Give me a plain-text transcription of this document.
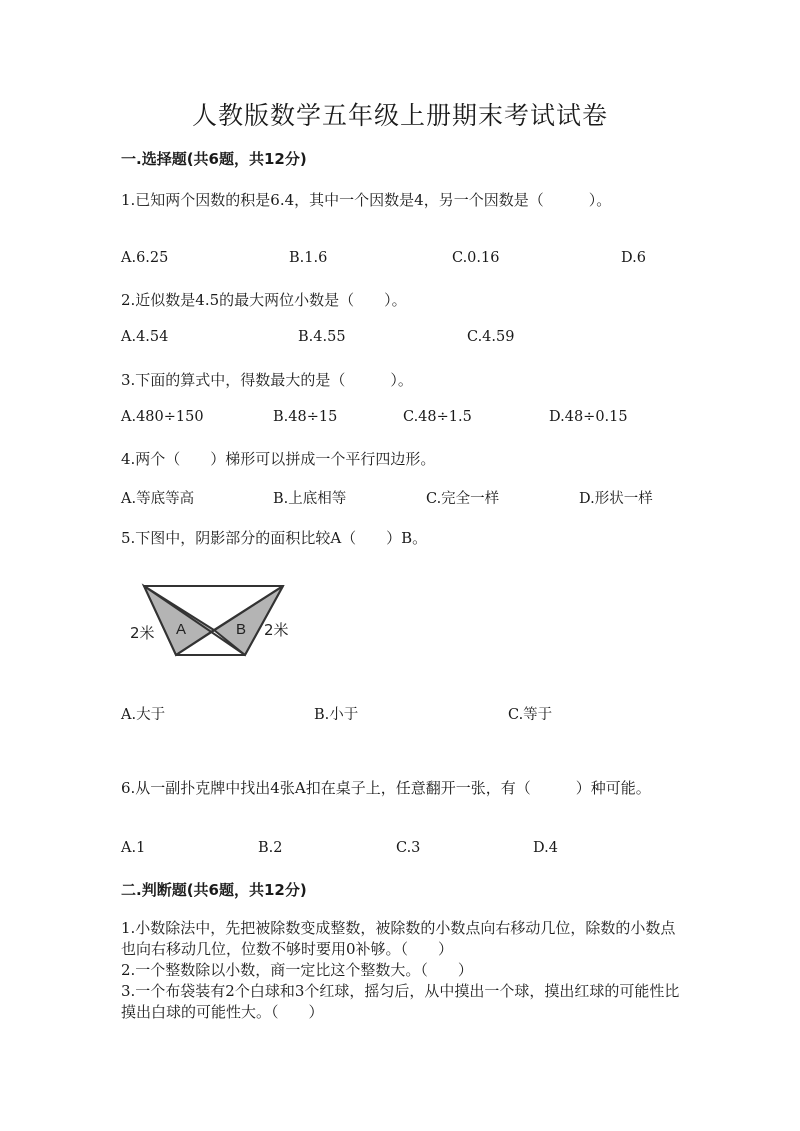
人教版数学五年级上册期末考试试卷
一.选择题(共6题，共12分)
1.已知两个因数的积是6.4，其中一个因数是4，另一个因数是（　　　）。
A.6.25	B.1.6	C.0.16	D.6
2.近似数是4.5的最大两位小数是（　　）。
A.4.54	B.4.55	C.4.59
3.下面的算式中，得数最大的是（　　　）。
A.480÷150	B.48÷15	C.48÷1.5	D.48÷0.15
4.两个（　　）梯形可以拼成一个平行四边形。
A.等底等高	B.上底相等	C.完全一样	D.形状一样
5.下图中，阴影部分的面积比较A（　　）B。
A	B
2米	2米
A.大于	B.小于	C.等于
6.从一副扑克牌中找出4张A扣在桌子上，任意翻开一张，有（　　　）种可能。
A.1	B.2	C.3	D.4
二.判断题(共6题，共12分)
1.小数除法中，先把被除数变成整数，被除数的小数点向右移动几位，除数的小数点也向右移动几位，位数不够时要用0补够。（　　）
2.一个整数除以小数，商一定比这个整数大。（　　）
3.一个布袋装有2个白球和3个红球，摇匀后，从中摸出一个球，摸出红球的可能性比摸出白球的可能性大。（　　）
